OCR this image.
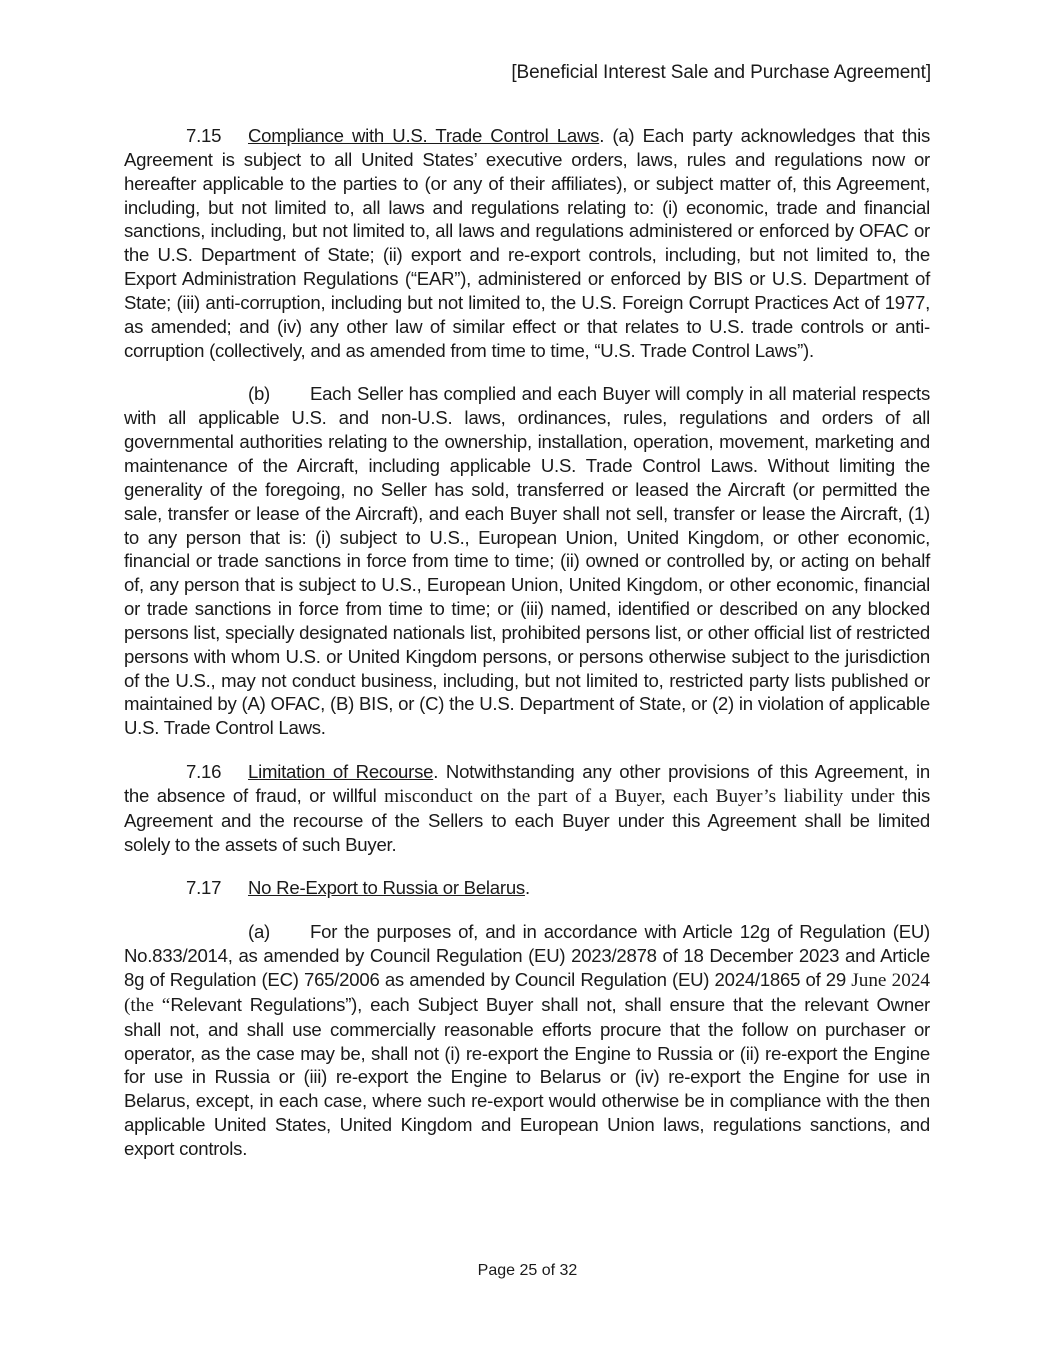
[Beneficial Interest Sale and Purchase Agreement]

7.15 Compliance with U.S. Trade Control Laws. (a) Each party acknowledges that this Agreement is subject to all United States’ executive orders, laws, rules and regulations now or hereafter applicable to the parties to (or any of their affiliates), or subject matter of, this Agreement, including, but not limited to, all laws and regulations relating to: (i) economic, trade and financial sanctions, including, but not limited to, all laws and regulations administered or enforced by OFAC or the U.S. Department of State; (ii) export and re-export controls, including, but not limited to, the Export Administration Regulations (“EAR”), administered or enforced by BIS or U.S. Department of State; (iii) anti-corruption, including but not limited to, the U.S. Foreign Corrupt Practices Act of 1977, as amended; and (iv) any other law of similar effect or that relates to U.S. trade controls or anti-corruption (collectively, and as amended from time to time, “U.S. Trade Control Laws”).

(b) Each Seller has complied and each Buyer will comply in all material respects with all applicable U.S. and non-U.S. laws, ordinances, rules, regulations and orders of all governmental authorities relating to the ownership, installation, operation, movement, marketing and maintenance of the Aircraft, including applicable U.S. Trade Control Laws. Without limiting the generality of the foregoing, no Seller has sold, transferred or leased the Aircraft (or permitted the sale, transfer or lease of the Aircraft), and each Buyer shall not sell, transfer or lease the Aircraft, (1) to any person that is: (i) subject to U.S., European Union, United Kingdom, or other economic, financial or trade sanctions in force from time to time; (ii) owned or controlled by, or acting on behalf of, any person that is subject to U.S., European Union, United Kingdom, or other economic, financial or trade sanctions in force from time to time; or (iii) named, identified or described on any blocked persons list, specially designated nationals list, prohibited persons list, or other official list of restricted persons with whom U.S. or United Kingdom persons, or persons otherwise subject to the jurisdiction of the U.S., may not conduct business, including, but not limited to, restricted party lists published or maintained by (A) OFAC, (B) BIS, or (C) the U.S. Department of State, or (2) in violation of applicable U.S. Trade Control Laws.

7.16 Limitation of Recourse. Notwithstanding any other provisions of this Agreement, in the absence of fraud, or willful misconduct on the part of a Buyer, each Buyer’s liability under this Agreement and the recourse of the Sellers to each Buyer under this Agreement shall be limited solely to the assets of such Buyer.

7.17 No Re-Export to Russia or Belarus.

(a) For the purposes of, and in accordance with Article 12g of Regulation (EU) No.833/2014, as amended by Council Regulation (EU) 2023/2878 of 18 December 2023 and Article 8g of Regulation (EC) 765/2006 as amended by Council Regulation (EU) 2024/1865 of 29 June 2024 (the “Relevant Regulations”), each Subject Buyer shall not, shall ensure that the relevant Owner shall not, and shall use commercially reasonable efforts procure that the follow on purchaser or operator, as the case may be, shall not (i) re-export the Engine to Russia or (ii) re-export the Engine for use in Russia or (iii) re-export the Engine to Belarus or (iv) re-export the Engine for use in Belarus, except, in each case, where such re-export would otherwise be in compliance with the then applicable United States, United Kingdom and European Union laws, regulations sanctions, and export controls.

Page 25 of 32
